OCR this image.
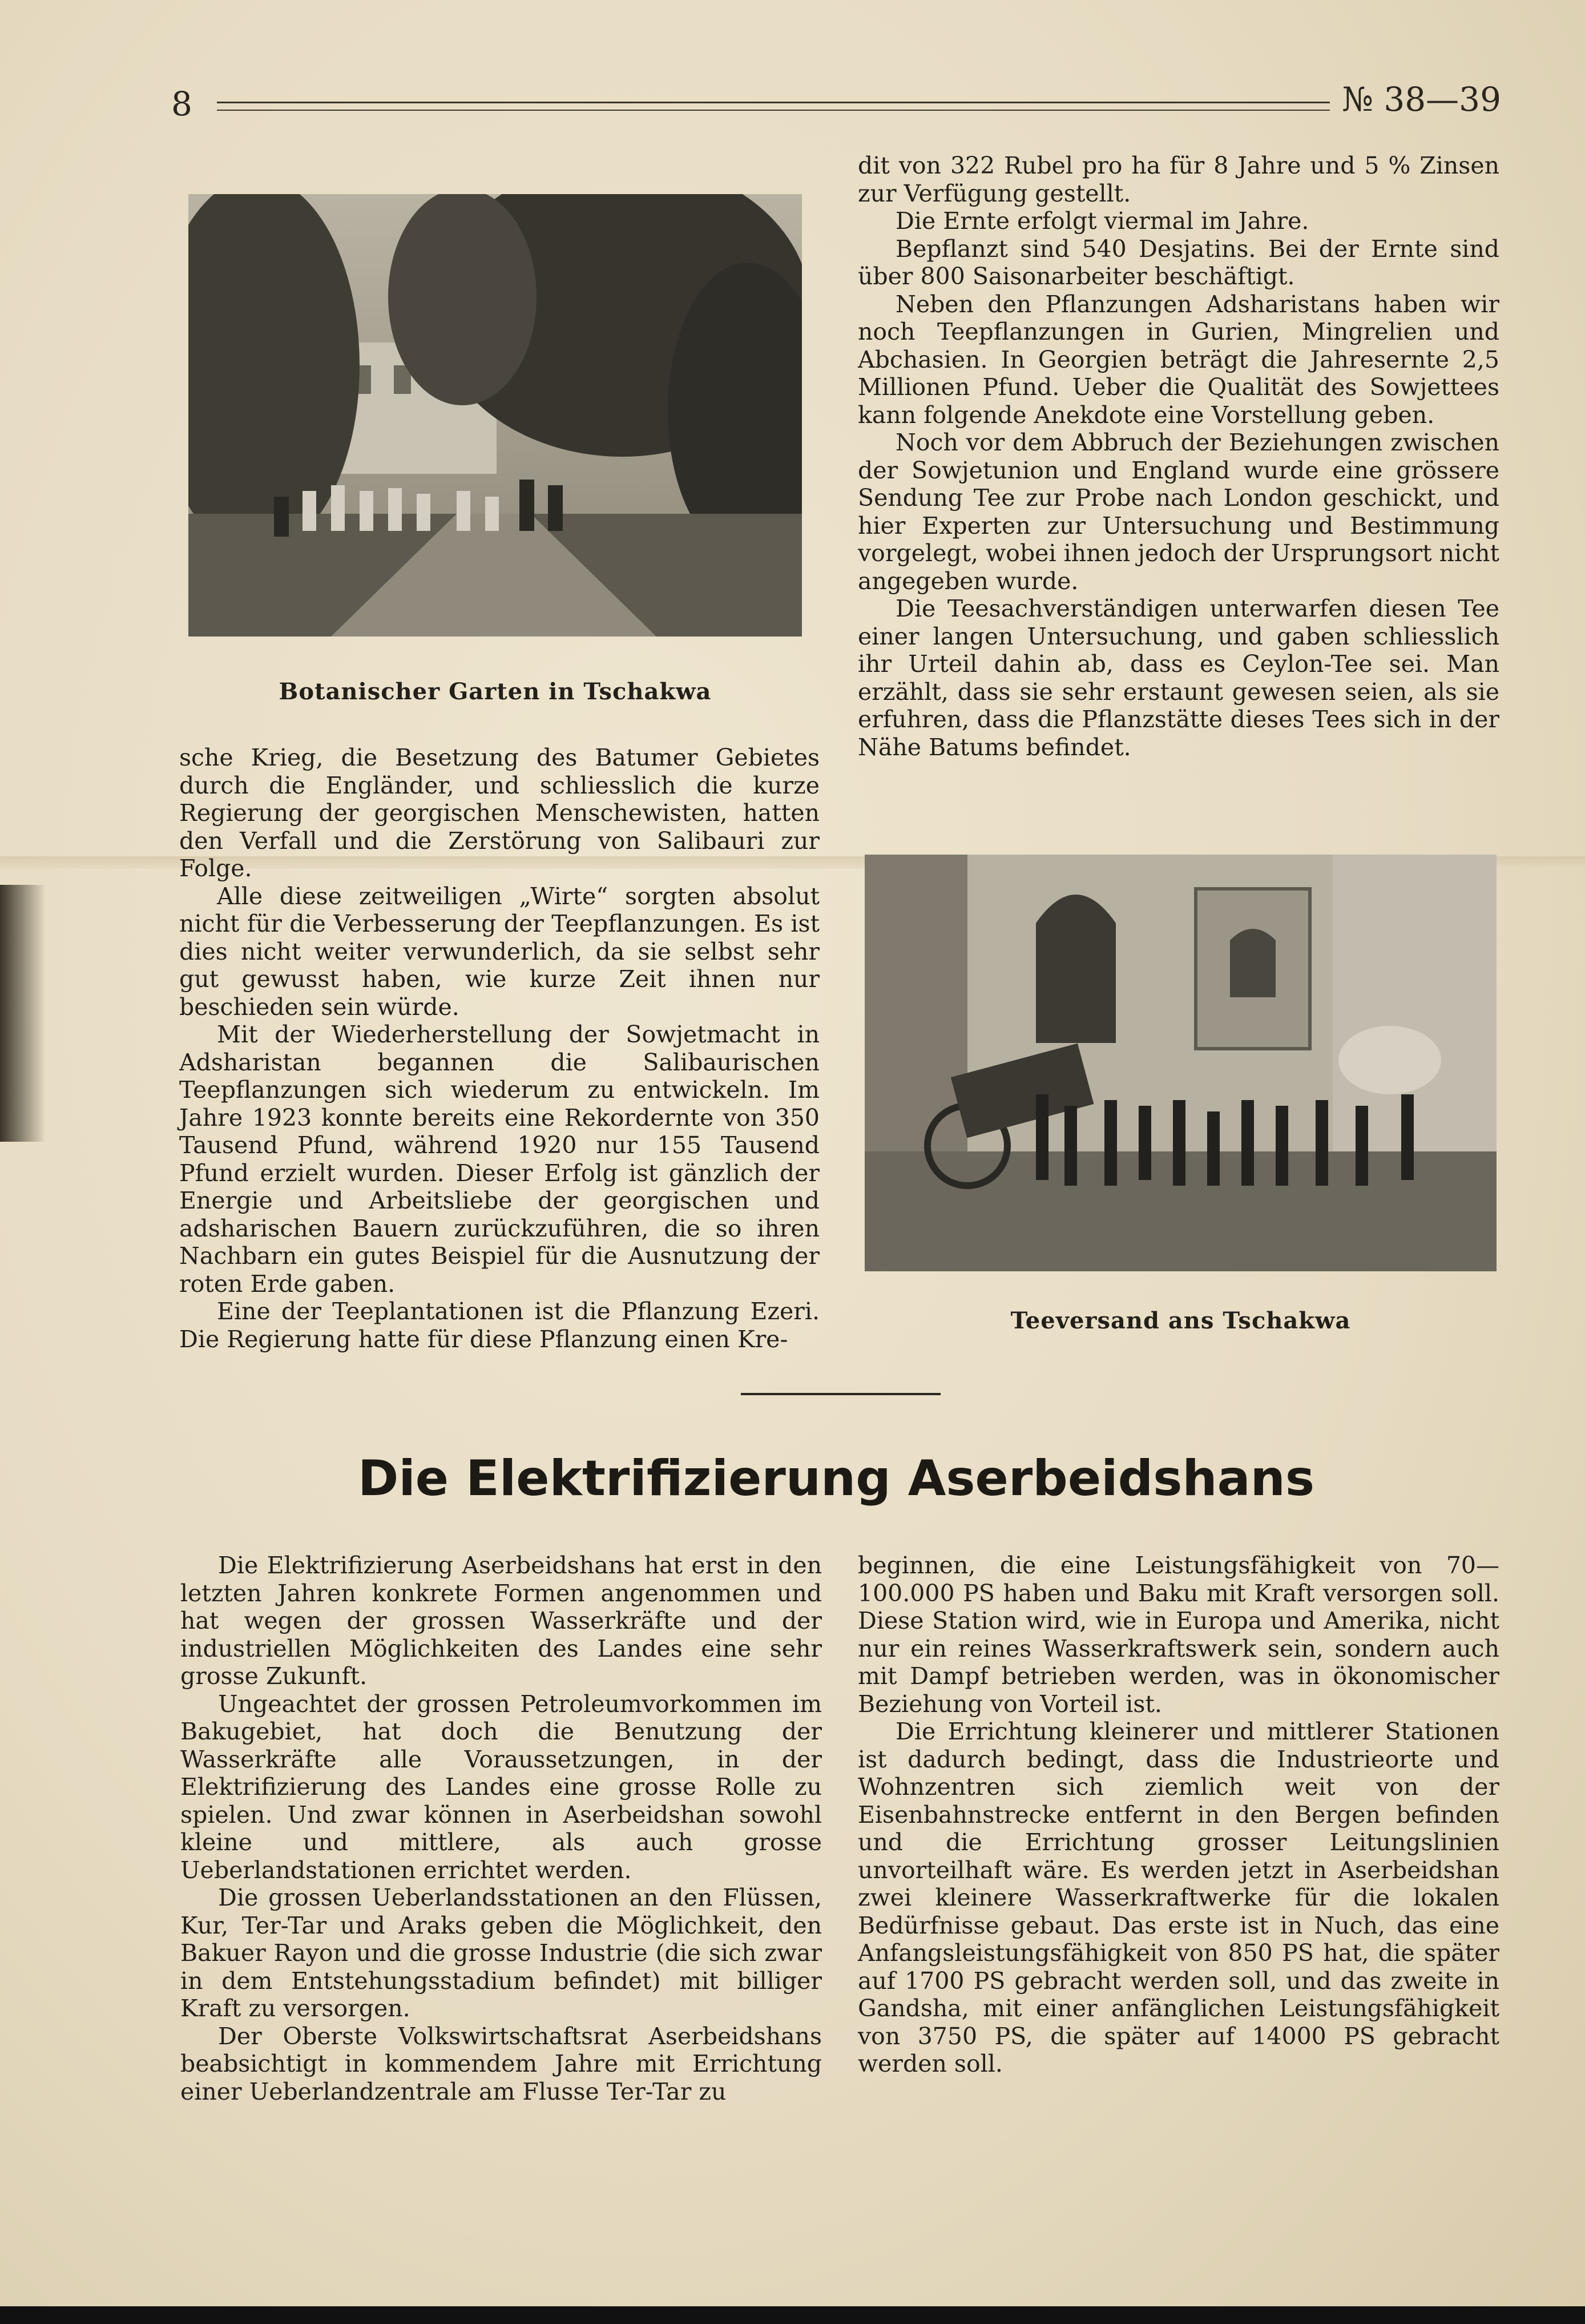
8	№ 38—39
Botanischer Garten in Tschakwa

sche Krieg, die Besetzung des Batumer Gebietes durch die Engländer, und schliesslich die kurze Regierung der georgischen Menschewisten, hatten den Verfall und die Zerstörung von Salibauri zur Folge.

Alle diese zeitweiligen „Wirte“ sorgten absolut nicht für die Verbesserung der Teepflanzungen. Es ist dies nicht weiter verwunderlich, da sie selbst sehr gut gewusst haben, wie kurze Zeit ihnen nur beschieden sein würde.

Mit der Wiederherstellung der Sowjetmacht in Adsharistan begannen die Salibaurischen Teepflanzungen sich wiederum zu entwickeln. Im Jahre 1923 konnte bereits eine Rekordernte von 350 Tausend Pfund, während 1920 nur 155 Tausend Pfund erzielt wurden. Dieser Erfolg ist gänzlich der Energie und Arbeitsliebe der georgischen und adsharischen Bauern zurückzuführen, die so ihren Nachbarn ein gutes Beispiel für die Ausnutzung der roten Erde gaben.

Eine der Teeplantationen ist die Pflanzung Ezeri. Die Regierung hatte für diese Pflanzung einen Kre-

dit von 322 Rubel pro ha für 8 Jahre und 5 % Zinsen zur Verfügung gestellt.

Die Ernte erfolgt viermal im Jahre.

Bepflanzt sind 540 Desjatins. Bei der Ernte sind über 800 Saisonarbeiter beschäftigt.

Neben den Pflanzungen Adsharistans haben wir noch Teepflanzungen in Gurien, Mingrelien und Abchasien. In Georgien beträgt die Jahresernte 2,5 Millionen Pfund. Ueber die Qualität des Sowjettees kann folgende Anekdote eine Vorstellung geben.

Noch vor dem Abbruch der Beziehungen zwischen der Sowjetunion und England wurde eine grössere Sendung Tee zur Probe nach London geschickt, und hier Experten zur Untersuchung und Bestimmung vorgelegt, wobei ihnen jedoch der Ursprungsort nicht angegeben wurde.

Die Teesachverständigen unterwarfen diesen Tee einer langen Untersuchung, und gaben schliesslich ihr Urteil dahin ab, dass es Ceylon-Tee sei. Man erzählt, dass sie sehr erstaunt gewesen seien, als sie erfuhren, dass die Pflanzstätte dieses Tees sich in der Nähe Batums befindet.

Teeversand ans Tschakwa
Die Elektrifizierung Aserbeidshans

Die Elektrifizierung Aserbeidshans hat erst in den letzten Jahren konkrete Formen angenommen und hat wegen der grossen Wasserkräfte und der industriellen Möglichkeiten des Landes eine sehr grosse Zukunft.

Ungeachtet der grossen Petroleumvorkommen im Bakugebiet, hat doch die Benutzung der Wasserkräfte alle Voraussetzungen, in der Elektrifizierung des Landes eine grosse Rolle zu spielen. Und zwar können in Aserbeidshan sowohl kleine und mittlere, als auch grosse Ueberlandstationen errichtet werden.

Die grossen Ueberlandsstationen an den Flüssen, Kur, Ter-Tar und Araks geben die Möglichkeit, den Bakuer Rayon und die grosse Industrie (die sich zwar in dem Entstehungsstadium befindet) mit billiger Kraft zu versorgen.

Der Oberste Volkswirtschaftsrat Aserbeidshans beabsichtigt in kommendem Jahre mit Errichtung einer Ueberlandzentrale am Flusse Ter-Tar zu

beginnen, die eine Leistungsfähigkeit von 70—100.000 PS haben und Baku mit Kraft versorgen soll. Diese Station wird, wie in Europa und Amerika, nicht nur ein reines Wasserkraftswerk sein, sondern auch mit Dampf betrieben werden, was in ökonomischer Beziehung von Vorteil ist.

Die Errichtung kleinerer und mittlerer Stationen ist dadurch bedingt, dass die Industrieorte und Wohnzentren sich ziemlich weit von der Eisenbahnstrecke entfernt in den Bergen befinden und die Errichtung grosser Leitungslinien unvorteilhaft wäre. Es werden jetzt in Aserbeidshan zwei kleinere Wasserkraftwerke für die lokalen Bedürfnisse gebaut. Das erste ist in Nuch, das eine Anfangsleistungsfähigkeit von 850 PS hat, die später auf 1700 PS gebracht werden soll, und das zweite in Gandsha, mit einer anfänglichen Leistungsfähigkeit von 3750 PS, die später auf 14000 PS gebracht werden soll.
